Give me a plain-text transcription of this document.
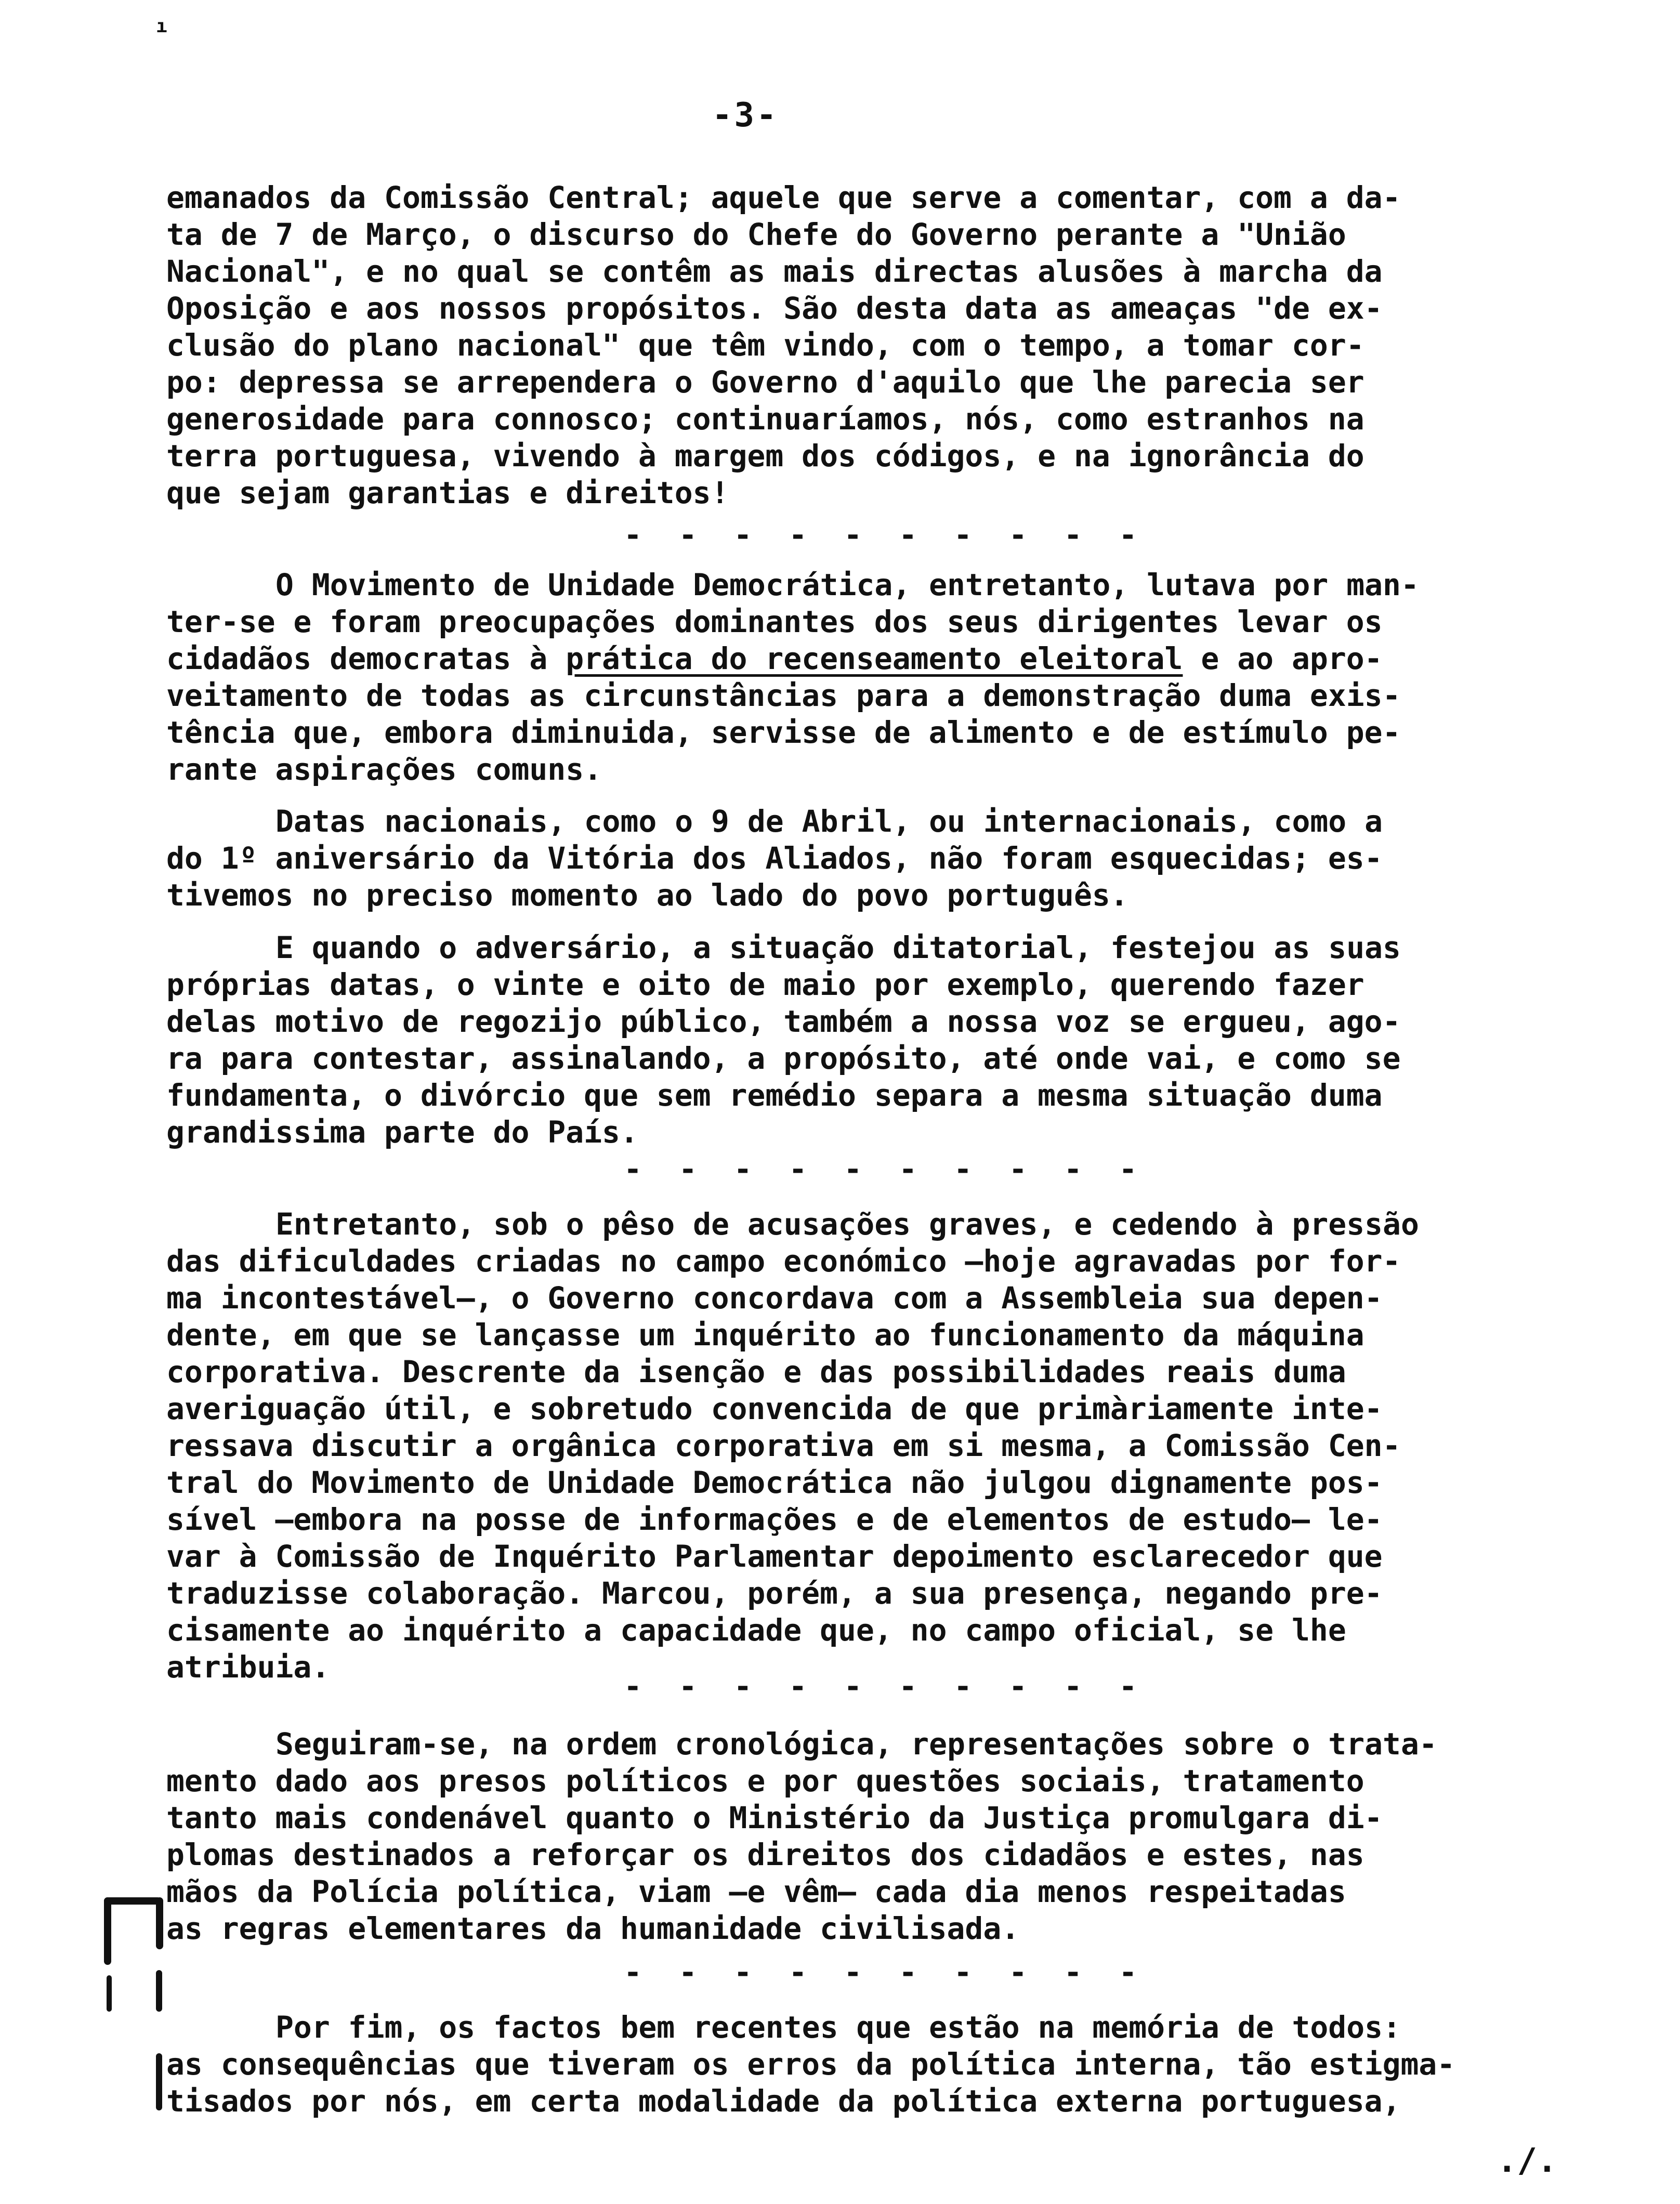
ı
-3-
emanados da Comissão Central; aquele que serve a comentar, com a da-
ta de 7 de Março, o discurso do Chefe do Governo perante a "União
Nacional", e no qual se contêm as mais directas alusões à marcha da
Oposição e aos nossos propósitos. São desta data as ameaças "de ex-
clusão do plano nacional" que têm vindo, com o tempo, a tomar cor-
po: depressa se arrependera o Governo d'aquilo que lhe parecia ser
generosidade para connosco; continuaríamos, nós, como estranhos na
terra portuguesa, vivendo à margem dos códigos, e na ignorância do
que sejam garantias e direitos!
- - - - - - - - - -
O Movimento de Unidade Democrática, entretanto, lutava por man-
ter-se e foram preocupações dominantes dos seus dirigentes levar os
cidadãos democratas à prática do recenseamento eleitoral e ao apro-
veitamento de todas as circunstâncias para a demonstração duma exis-
tência que, embora diminuida, servisse de alimento e de estímulo pe-
rante aspirações comuns.
Datas nacionais, como o 9 de Abril, ou internacionais, como a
do 1º aniversário da Vitória dos Aliados, não foram esquecidas; es-
tivemos no preciso momento ao lado do povo português.
E quando o adversário, a situação ditatorial, festejou as suas
próprias datas, o vinte e oito de maio por exemplo, querendo fazer
delas motivo de regozijo público, também a nossa voz se ergueu, ago-
ra para contestar, assinalando, a propósito, até onde vai, e como se
fundamenta, o divórcio que sem remédio separa a mesma situação duma
grandissima parte do País.
- - - - - - - - - -
Entretanto, sob o pêso de acusações graves, e cedendo à pressão
das dificuldades criadas no campo económico —hoje agravadas por for-
ma incontestável—, o Governo concordava com a Assembleia sua depen-
dente, em que se lançasse um inquérito ao funcionamento da máquina
corporativa. Descrente da isenção e das possibilidades reais duma
averiguação útil, e sobretudo convencida de que primàriamente inte-
ressava discutir a orgânica corporativa em si mesma, a Comissão Cen-
tral do Movimento de Unidade Democrática não julgou dignamente pos-
sível —embora na posse de informações e de elementos de estudo— le-
var à Comissão de Inquérito Parlamentar depoimento esclarecedor que
traduzisse colaboração. Marcou, porém, a sua presença, negando pre-
cisamente ao inquérito a capacidade que, no campo oficial, se lhe
atribuia.
- - - - - - - - - -
Seguiram-se, na ordem cronológica, representações sobre o trata-
mento dado aos presos políticos e por questões sociais, tratamento
tanto mais condenável quanto o Ministério da Justiça promulgara di-
plomas destinados a reforçar os direitos dos cidadãos e estes, nas
mãos da Polícia política, viam —e vêm— cada dia menos respeitadas
as regras elementares da humanidade civilisada.
- - - - - - - - - -
Por fim, os factos bem recentes que estão na memória de todos:
as consequências que tiveram os erros da política interna, tão estigma-
tisados por nós, em certa modalidade da política externa portuguesa,
./.
